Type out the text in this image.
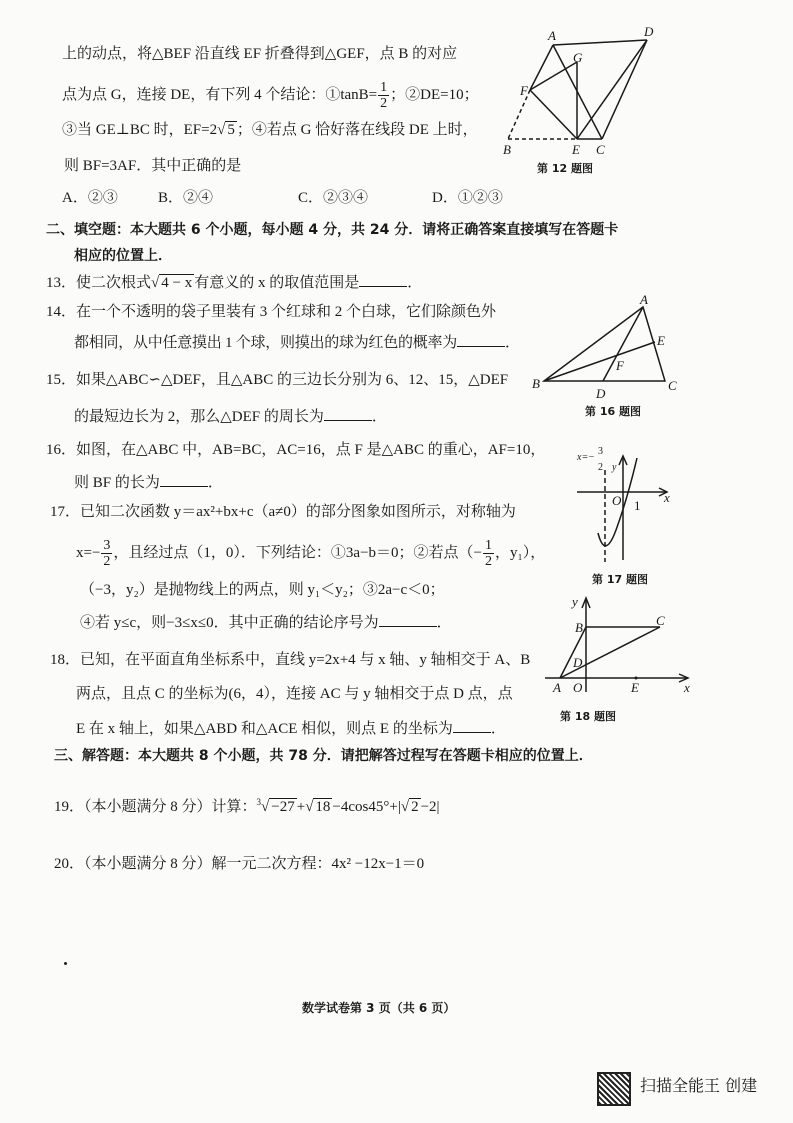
上的动点，将△BEF 沿直线 EF 折叠得到△GEF，点 B 的对应
点为点 G，连接 DE，有下列 4 个结论：①tanB= $\frac{1}{2}$ ；②DE=10；
③当 GE⊥BC 时，EF=2√ 5 ；④若点 G 恰好落在线段 DE 上时，
则 BF=3AF．其中正确的是
A．②③	B．②④	C．②③④	D．①②③
二、填空题：本大题共 6 个小题，每小题 4 分，共 24 分．请将正确答案直接填写在答题卡
相应的位置上．
13．使二次根式√ 4 − x 有意义的 x 的取值范围是	．
14．在一个不透明的袋子里装有 3 个红球和 2 个白球，它们除颜色外
都相同，从中任意摸出 1 个球，则摸出的球为红色的概率为	．
15．如果△ABC∽△DEF，且△ABC 的三边长分别为 6、12、15，△DEF
的最短边长为 2，那么△DEF 的周长为	．
16．如图，在△ABC 中，AB=BC，AC=16，点 F 是△ABC 的重心，AF=10，
则 BF 的长为	．
17．已知二次函数 y＝ax²+bx+c（a≠0）的部分图象如图所示，对称轴为
$x=- \frac{3}{2}$ ，且经过点（1，0）．下列结论：①3a−b＝0；②若点（− $\frac{1}{2}$ ，y₁），
（−3，y₂）是抛物线上的两点，则 y₁＜y₂；③2a−c＜0；
④若 y≤c，则−3≤x≤0．其中正确的结论序号为	．
18．已知，在平面直角坐标系中，直线 y=2x+4 与 x 轴、y 轴相交于 A、B
两点，且点 C 的坐标为(6，4），连接 AC 与 y 轴相交于点 D 点，点
E 在 x 轴上，如果△ABD 和△ACE 相似，则点 E 的坐标为	．
三、解答题：本大题共 8 个小题，共 78 分．请把解答过程写在答题卡相应的位置上．
19．（本小题满分 8 分）计算：$^3$√ −27 +√ 18 −4cos45°+|√ 2 −2|
20．（本小题满分 8 分）解一元二次方程：4x² −12x−1＝0
数学试卷第 3 页（共 6 页）
A	D
G
F
B	E C
A
E
F
B
D
C
x=−
3
2 y
x
O 1
y
B	C
D
A O	E	x
第 12 题图
第 16 题图
第 17 题图
第 18 题图
扫描全能王 创建
